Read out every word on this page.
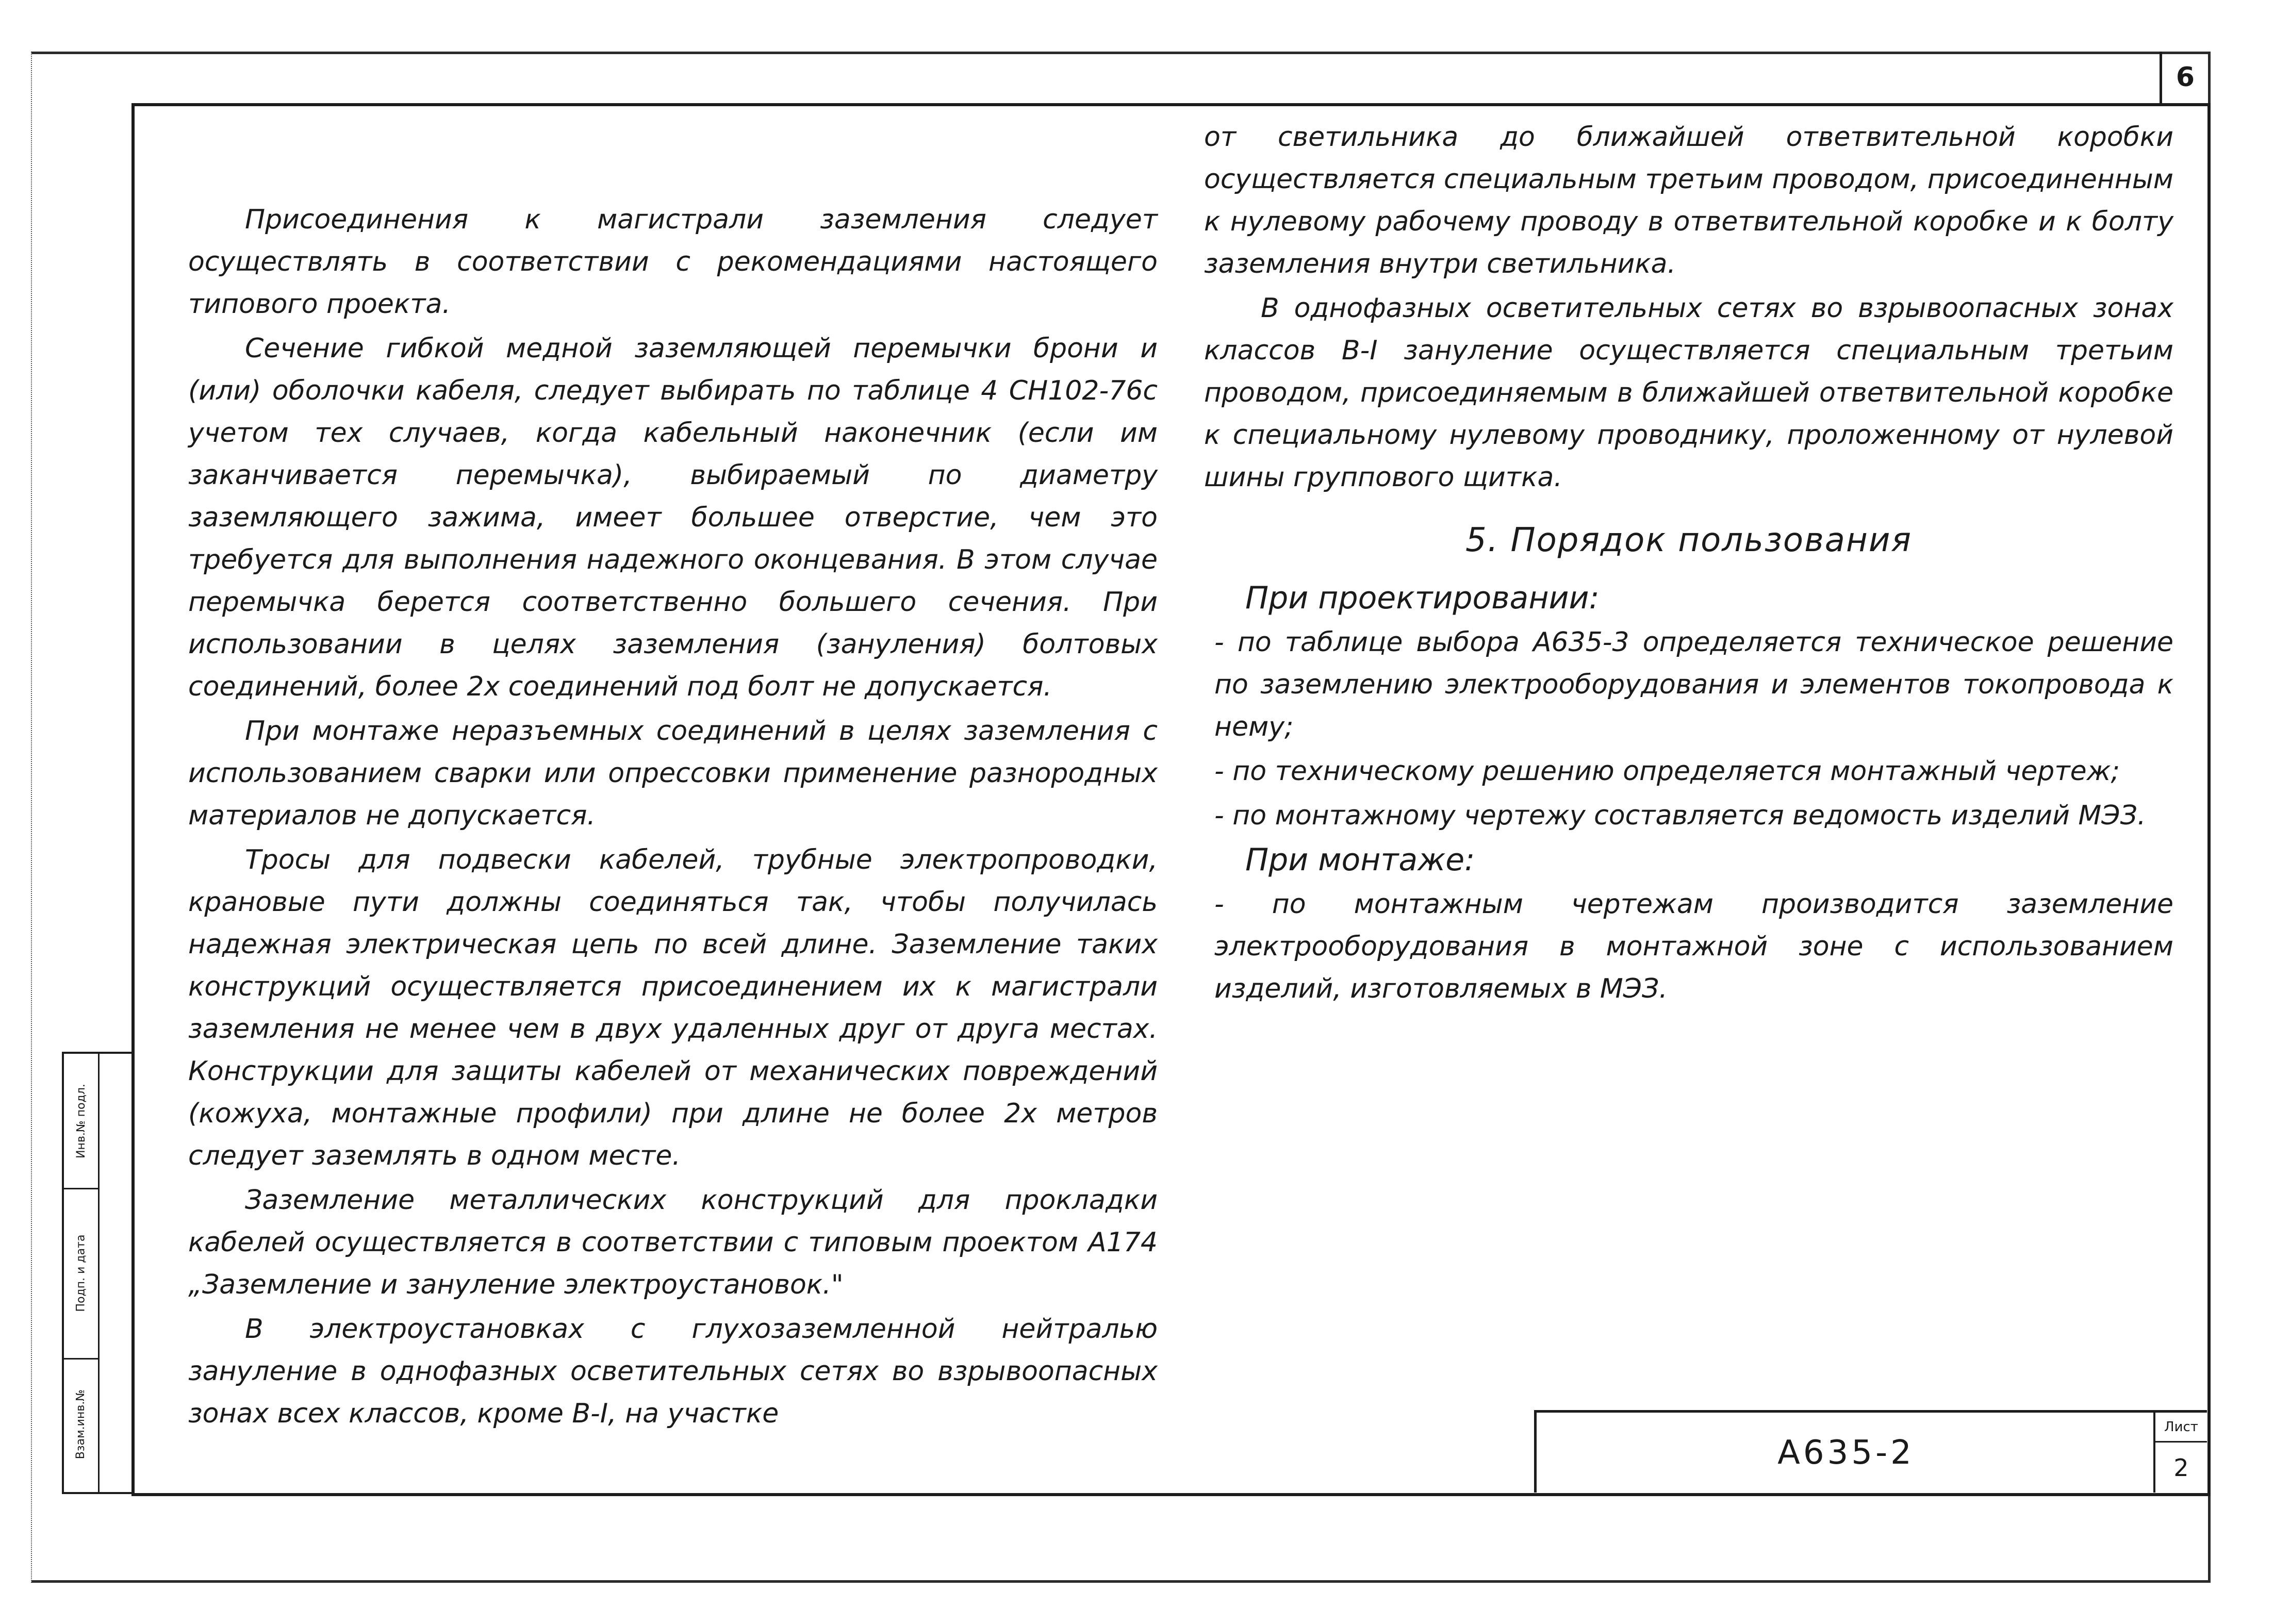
6
Инв.№ подл.
Подп. и дата
Взам.инв.№

Присоединения к магистрали заземления следует осуществлять в соответствии с рекомендациями настоящего типового проекта.

Сечение гибкой медной заземляющей перемычки брони и (или) оболочки кабеля, следует выбирать по таблице 4 СН102-76с учетом тех случаев, когда кабельный наконечник (если им заканчивается перемычка), выбираемый по диаметру заземляющего зажима, имеет большее отверстие, чем это требуется для выполнения надежного оконцевания. В этом случае перемычка берется соответственно большего сечения. При использовании в целях заземления (зануления) болтовых соединений, более 2х соединений под болт не допускается.

При монтаже неразъемных соединений в целях заземления с использованием сварки или опрессовки применение разнородных материалов не допускается.

Тросы для подвески кабелей, трубные электропроводки, крановые пути должны соединяться так, чтобы получилась надежная электрическая цепь по всей длине. Заземление таких конструкций осуществляется присоединением их к магистрали заземления не менее чем в двух удаленных друг от друга местах. Конструкции для защиты кабелей от механических повреждений (кожуха, монтажные профили) при длине не более 2х метров следует заземлять в одном месте.

Заземление металлических конструкций для прокладки кабелей осуществляется в соответствии с типовым проектом А174 „Заземление и зануление электроустановок."

В электроустановках с глухозаземленной нейтралью зануление в однофазных осветительных сетях во взрывоопасных зонах всех классов, кроме В-I, на участке

от светильника до ближайшей ответвительной коробки осуществляется специальным третьим проводом, присоединенным к нулевому рабочему проводу в ответвительной коробке и к болту заземления внутри светильника.

В однофазных осветительных сетях во взрывоопасных зонах классов В-I зануление осуществляется специальным третьим проводом, присоединяемым в ближайшей ответвительной коробке к специальному нулевому проводнику, проложенному от нулевой шины группового щитка.

5. Порядок пользования

При проектировании:

- по таблице выбора А635-3 определяется техническое решение по заземлению электрооборудования и элементов токопровода к нему;

- по техническому решению определяется монтажный чертеж;

- по монтажному чертежу составляется ведомость изделий МЭЗ.

При монтаже:

- по монтажным чертежам производится заземление электрооборудования в монтажной зоне с использованием изделий, изготовляемых в МЭЗ.

А635-2
Лист
2
